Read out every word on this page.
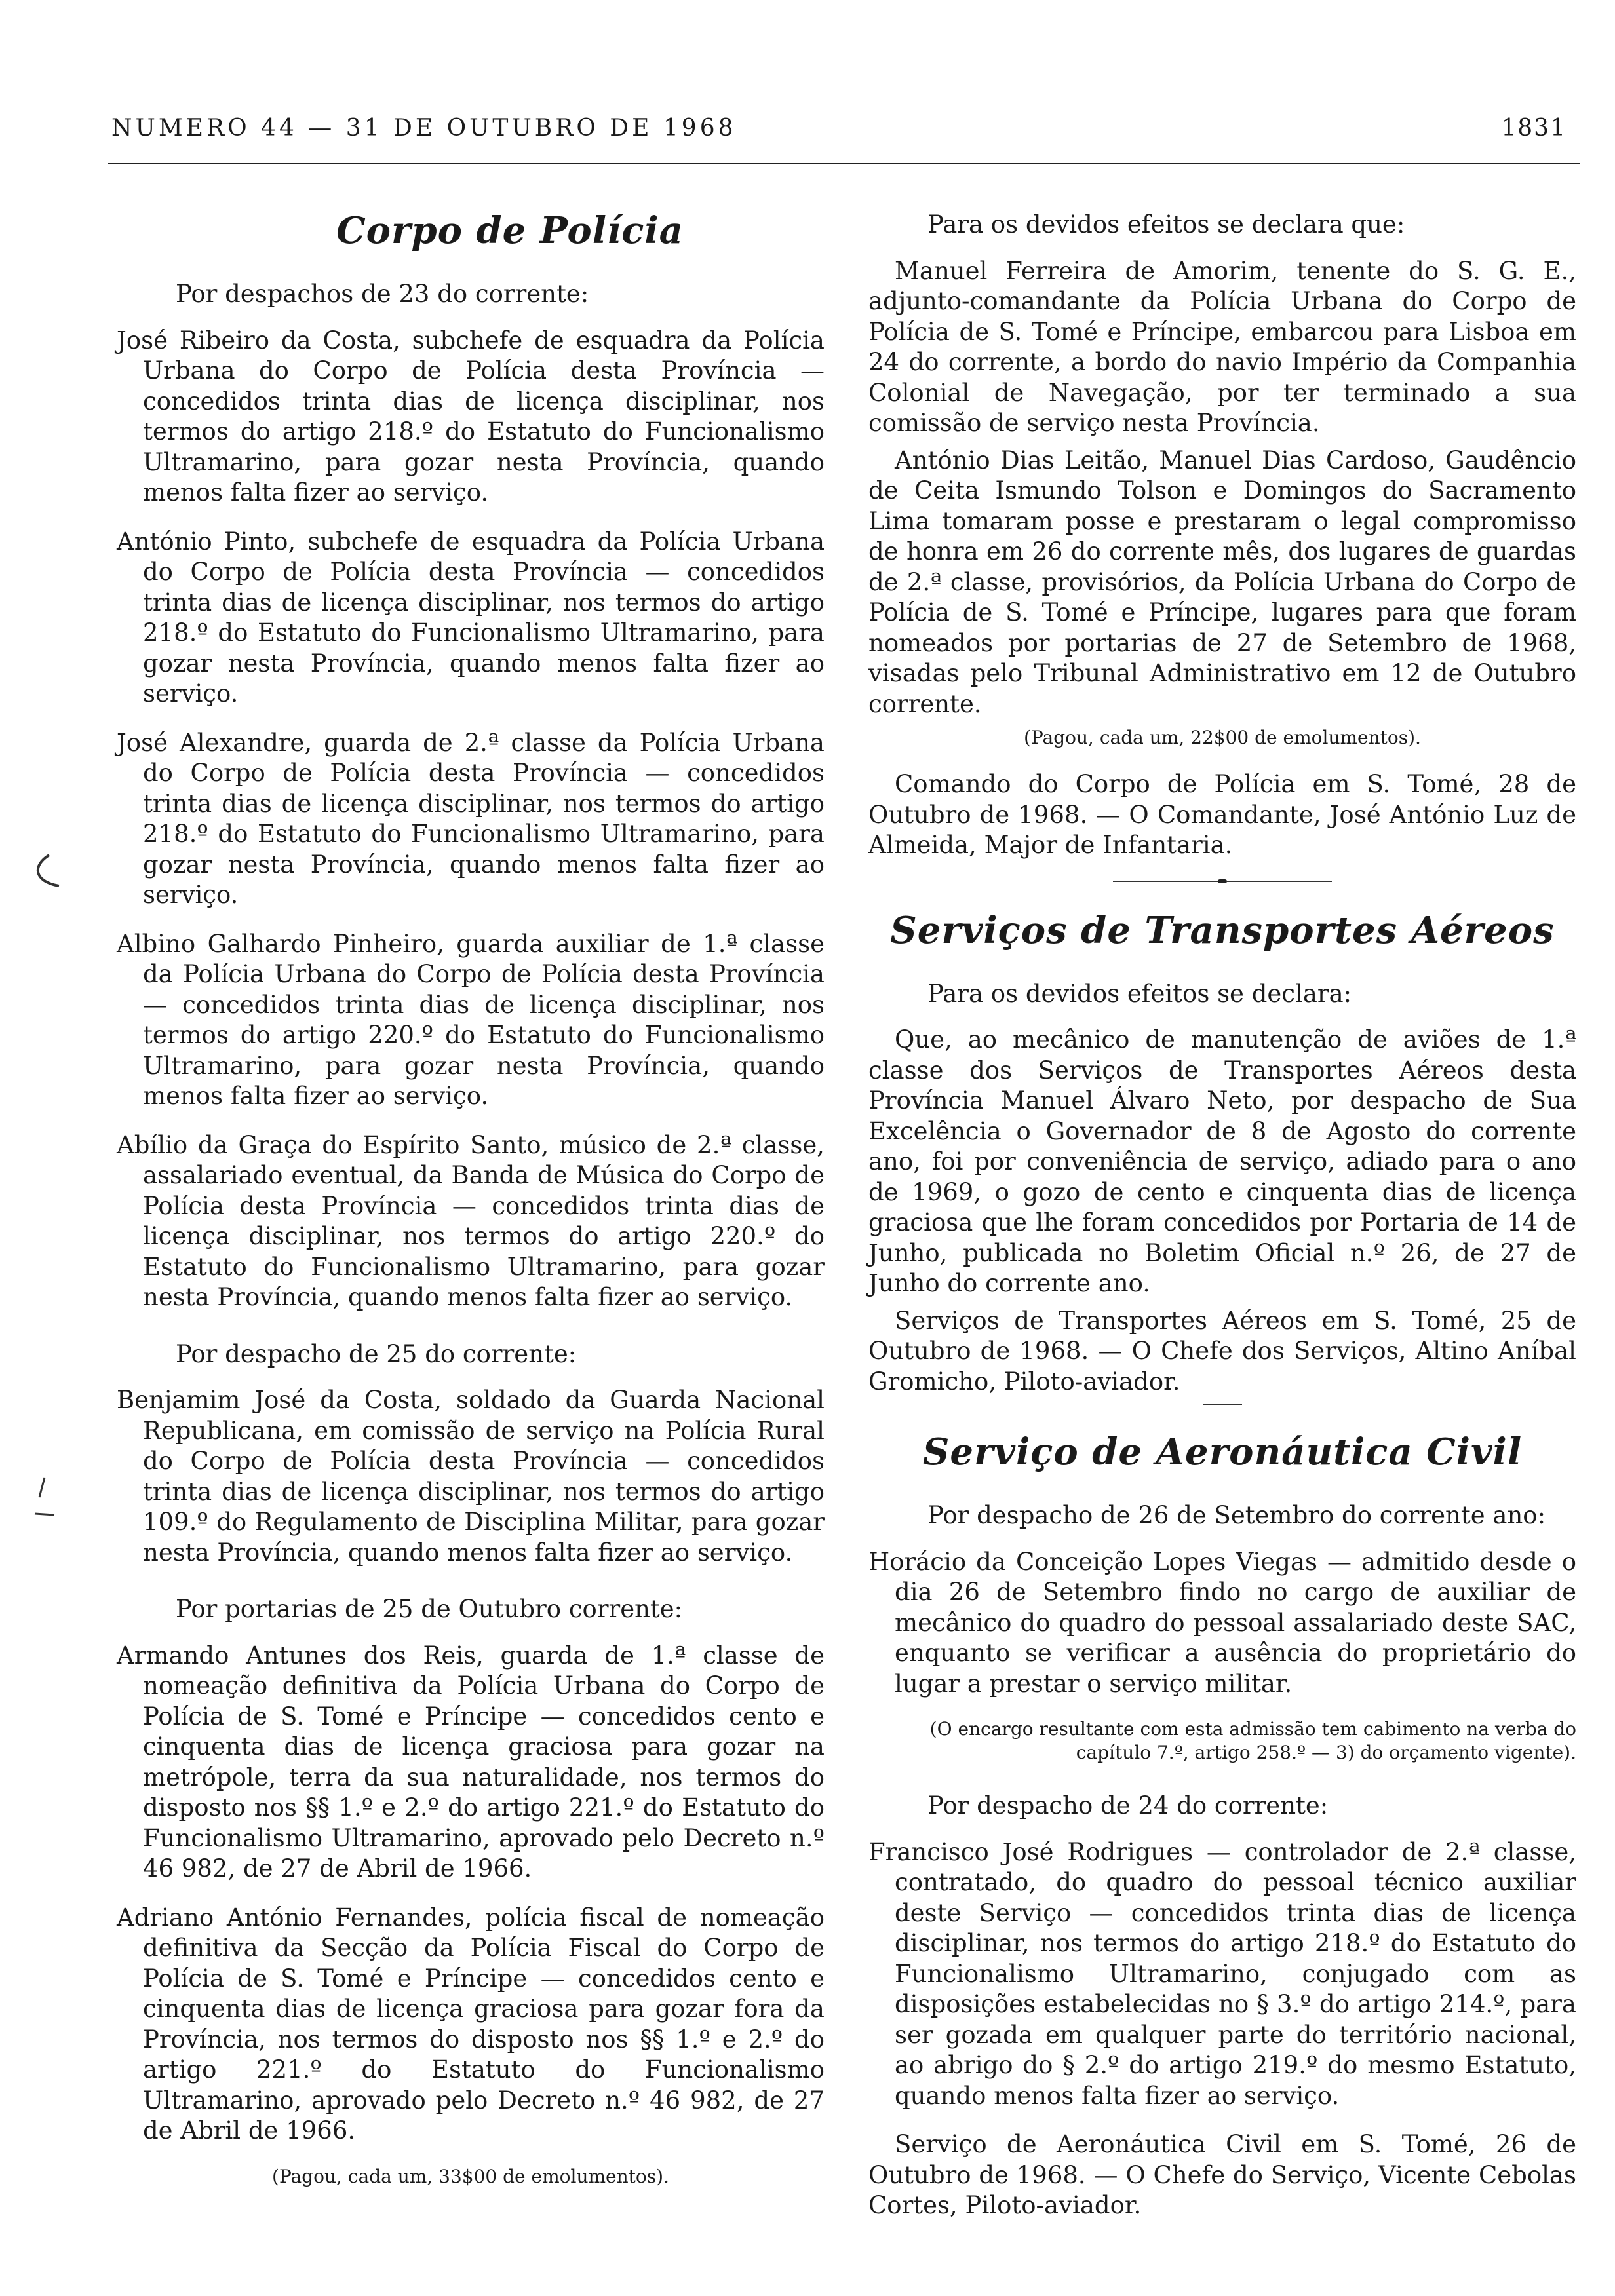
NUMERO 44 — 31 DE OUTUBRO DE 1968	1831
Corpo de Polícia

Por despachos de 23 do corrente:

José Ribeiro da Costa, subchefe de esquadra da Polícia Urbana do Corpo de Polícia desta Província — concedidos trinta dias de licença disciplinar, nos termos do artigo 218.º do Estatuto do Funcionalismo Ultramarino, para gozar nesta Província, quando menos falta fizer ao serviço.

António Pinto, subchefe de esquadra da Polícia Urbana do Corpo de Polícia desta Província — concedidos trinta dias de licença disciplinar, nos termos do artigo 218.º do Estatuto do Funcionalismo Ultramarino, para gozar nesta Província, quando menos falta fizer ao serviço.

José Alexandre, guarda de 2.ª classe da Polícia Urbana do Corpo de Polícia desta Província — concedidos trinta dias de licença disciplinar, nos termos do artigo 218.º do Estatuto do Funcionalismo Ultramarino, para gozar nesta Província, quando menos falta fizer ao serviço.

Albino Galhardo Pinheiro, guarda auxiliar de 1.ª classe da Polícia Urbana do Corpo de Polícia desta Província — concedidos trinta dias de licença disciplinar, nos termos do artigo 220.º do Estatuto do Funcionalismo Ultramarino, para gozar nesta Província, quando menos falta fizer ao serviço.

Abílio da Graça do Espírito Santo, músico de 2.ª classe, assalariado eventual, da Banda de Música do Corpo de Polícia desta Província — concedidos trinta dias de licença disciplinar, nos termos do artigo 220.º do Estatuto do Funcionalismo Ultramarino, para gozar nesta Província, quando menos falta fizer ao serviço.

Por despacho de 25 do corrente:

Benjamim José da Costa, soldado da Guarda Nacional Republicana, em comissão de serviço na Polícia Rural do Corpo de Polícia desta Província — concedidos trinta dias de licença disciplinar, nos termos do artigo 109.º do Regulamento de Disciplina Militar, para gozar nesta Província, quando menos falta fizer ao serviço.

Por portarias de 25 de Outubro corrente:

Armando Antunes dos Reis, guarda de 1.ª classe de nomeação definitiva da Polícia Urbana do Corpo de Polícia de S. Tomé e Príncipe — concedidos cento e cinquenta dias de licença graciosa para gozar na metrópole, terra da sua naturalidade, nos termos do disposto nos §§ 1.º e 2.º do artigo 221.º do Estatuto do Funcionalismo Ultramarino, aprovado pelo Decreto n.º 46 982, de 27 de Abril de 1966.

Adriano António Fernandes, polícia fiscal de nomeação definitiva da Secção da Polícia Fiscal do Corpo de Polícia de S. Tomé e Príncipe — concedidos cento e cinquenta dias de licença graciosa para gozar fora da Província, nos termos do disposto nos §§ 1.º e 2.º do artigo 221.º do Estatuto do Funcionalismo Ultramarino, aprovado pelo Decreto n.º 46 982, de 27 de Abril de 1966.

(Pagou, cada um, 33$00 de emolumentos).

Para os devidos efeitos se declara que:

Manuel Ferreira de Amorim, tenente do S. G. E., adjunto-comandante da Polícia Urbana do Corpo de Polícia de S. Tomé e Príncipe, embarcou para Lisboa em 24 do corrente, a bordo do navio Império da Companhia Colonial de Navegação, por ter terminado a sua comissão de serviço nesta Província.

António Dias Leitão, Manuel Dias Cardoso, Gaudêncio de Ceita Ismundo Tolson e Domingos do Sacramento Lima tomaram posse e prestaram o legal compromisso de honra em 26 do corrente mês, dos lugares de guardas de 2.ª classe, provisórios, da Polícia Urbana do Corpo de Polícia de S. Tomé e Príncipe, lugares para que foram nomeados por portarias de 27 de Setembro de 1968, visadas pelo Tribunal Administrativo em 12 de Outubro corrente.

(Pagou, cada um, 22$00 de emolumentos).

Comando do Corpo de Polícia em S. Tomé, 28 de Outubro de 1968. — O Comandante, José António Luz de Almeida, Major de Infantaria.

Serviços de Transportes Aéreos

Para os devidos efeitos se declara:

Que, ao mecânico de manutenção de aviões de 1.ª classe dos Serviços de Transportes Aéreos desta Província Manuel Álvaro Neto, por despacho de Sua Excelência o Governador de 8 de Agosto do corrente ano, foi por conveniência de serviço, adiado para o ano de 1969, o gozo de cento e cinquenta dias de licença graciosa que lhe foram concedidos por Portaria de 14 de Junho, publicada no Boletim Oficial n.º 26, de 27 de Junho do corrente ano.

Serviços de Transportes Aéreos em S. Tomé, 25 de Outubro de 1968. — O Chefe dos Serviços, Altino Aníbal Gromicho, Piloto-aviador.

Serviço de Aeronáutica Civil

Por despacho de 26 de Setembro do corrente ano:

Horácio da Conceição Lopes Viegas — admitido desde o dia 26 de Setembro findo no cargo de auxiliar de mecânico do quadro do pessoal assalariado deste SAC, enquanto se verificar a ausência do proprietário do lugar a prestar o serviço militar.

(O encargo resultante com esta admissão tem cabimento na verba do capítulo 7.º, artigo 258.º — 3) do orçamento vigente).

Por despacho de 24 do corrente:

Francisco José Rodrigues — controlador de 2.ª classe, contratado, do quadro do pessoal técnico auxiliar deste Serviço — concedidos trinta dias de licença disciplinar, nos termos do artigo 218.º do Estatuto do Funcionalismo Ultramarino, conjugado com as disposições estabelecidas no § 3.º do artigo 214.º, para ser gozada em qualquer parte do território nacional, ao abrigo do § 2.º do artigo 219.º do mesmo Estatuto, quando menos falta fizer ao serviço.

Serviço de Aeronáutica Civil em S. Tomé, 26 de Outubro de 1968. — O Chefe do Serviço, Vicente Cebolas Cortes, Piloto-aviador.
